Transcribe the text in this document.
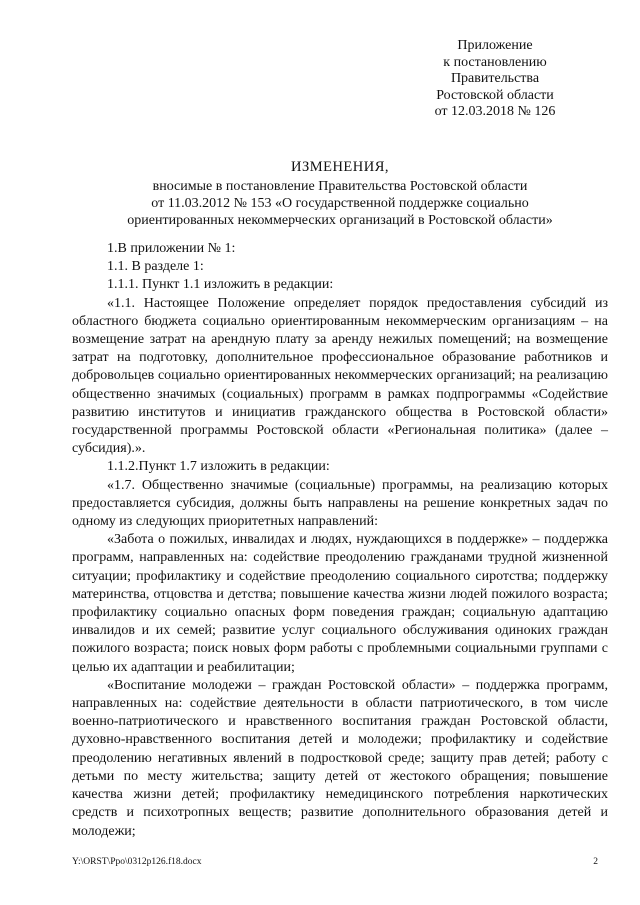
Приложение
к постановлению
Правительства
Ростовской области
от 12.03.2018 № 126
ИЗМЕНЕНИЯ,
вносимые в постановление Правительства Ростовской области
от 11.03.2012 № 153 «О государственной поддержке социально
ориентированных некоммерческих организаций в Ростовской области»

1.В приложении № 1:

1.1. В разделе 1:

1.1.1. Пункт 1.1 изложить в редакции:

«1.1. Настоящее Положение определяет порядок предоставления субсидий из областного бюджета социально ориентированным некоммерческим организациям – на возмещение затрат на арендную плату за аренду нежилых помещений; на возмещение затрат на подготовку, дополнительное профессиональное образование работников и добровольцев социально ориентированных некоммерческих организаций; на реализацию общественно значимых (социальных) программ в рамках подпрограммы «Содействие развитию институтов и инициатив гражданского общества в Ростовской области» государственной программы Ростовской области «Региональная политика» (далее – субсидия).».

1.1.2.Пункт 1.7 изложить в редакции:

«1.7. Общественно значимые (социальные) программы, на реализацию которых предоставляется субсидия, должны быть направлены на решение конкретных задач по одному из следующих приоритетных направлений:

«Забота о пожилых, инвалидах и людях, нуждающихся в поддержке» – поддержка программ, направленных на: содействие преодолению гражданами трудной жизненной ситуации; профилактику и содействие преодолению социального сиротства; поддержку материнства, отцовства и детства; повышение качества жизни людей пожилого возраста; профилактику социально опасных форм поведения граждан; социальную адаптацию инвалидов и их семей; развитие услуг социального обслуживания одиноких граждан пожилого возраста; поиск новых форм работы с проблемными социальными группами с целью их адаптации и реабилитации;

«Воспитание молодежи – граждан Ростовской области» – поддержка программ, направленных на: содействие деятельности в области патриотического, в том числе военно-патриотического и нравственного воспитания граждан Ростовской области, духовно-нравственного воспитания детей и молодежи; профилактику и содействие преодолению негативных явлений в подростковой среде; защиту прав детей; работу с детьми по месту жительства; защиту детей от жестокого обращения; повышение качества жизни детей; профилактику немедицинского потребления наркотических средств и психотропных веществ; развитие дополнительного образования детей и молодежи;

Y:\ORST\Ppo\0312p126.f18.docx	2
